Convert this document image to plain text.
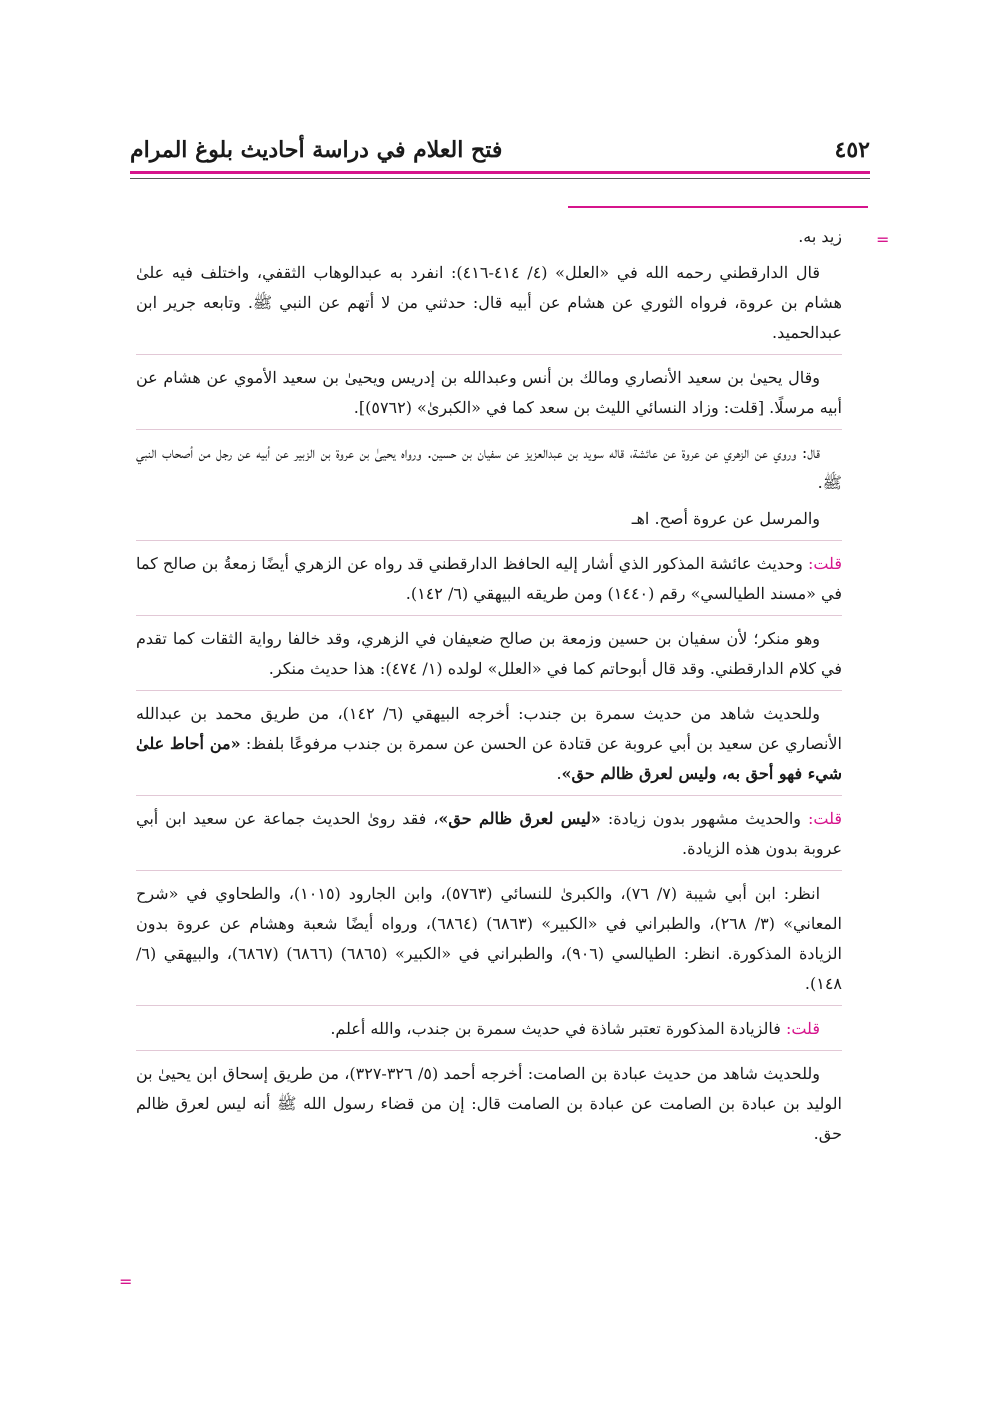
فتح العلام في دراسة أحاديث بلوغ المرام	٤٥٢
=
=

زيد به.

قال الدارقطني رحمه الله في «العلل» (٤/ ٤١٤-٤١٦): انفرد به عبدالوهاب الثقفي، واختلف فيه علىٰ هشام بن عروة، فرواه الثوري عن هشام عن أبيه قال: حدثني من لا أتهم عن النبي ﷺ. وتابعه جرير ابن عبدالحميد.

وقال يحيىٰ بن سعيد الأنصاري ومالك بن أنس وعبدالله بن إدريس ويحيىٰ بن سعيد الأموي عن هشام عن أبيه مرسلًا. [قلت: وزاد النسائي الليث بن سعد كما في «الكبرىٰ» (٥٧٦٢)].

قال: وروي عن الزهري عن عروة عن عائشة، قاله سويد بن عبدالعزيز عن سفيان بن حسين. ورواه يحيىٰ بن عروة بن الزبير عن أبيه عن رجل من أصحاب النبي ﷺ.

والمرسل عن عروة أصح. اهـ

قلت: وحديث عائشة المذكور الذي أشار إليه الحافظ الدارقطني قد رواه عن الزهري أيضًا زمعةُ بن صالح كما في «مسند الطيالسي» رقم (١٤٤٠) ومن طريقه البيهقي (٦/ ١٤٢).

وهو منكر؛ لأن سفيان بن حسين وزمعة بن صالح ضعيفان في الزهري، وقد خالفا رواية الثقات كما تقدم في كلام الدارقطني. وقد قال أبوحاتم كما في «العلل» لولده (١/ ٤٧٤): هذا حديث منكر.

وللحديث شاهد من حديث سمرة بن جندب: أخرجه البيهقي (٦/ ١٤٢)، من طريق محمد بن عبدالله الأنصاري عن سعيد بن أبي عروبة عن قتادة عن الحسن عن سمرة بن جندب مرفوعًا بلفظ: «من أحاط علىٰ شيء فهو أحق به، وليس لعرق ظالم حق».

قلت: والحديث مشهور بدون زيادة: «ليس لعرق ظالم حق»، فقد روىٰ الحديث جماعة عن سعيد ابن أبي عروبة بدون هذه الزيادة.

انظر: ابن أبي شيبة (٧/ ٧٦)، والكبرىٰ للنسائي (٥٧٦٣)، وابن الجارود (١٠١٥)، والطحاوي في «شرح المعاني» (٣/ ٢٦٨)، والطبراني في «الكبير» (٦٨٦٣) (٦٨٦٤)، ورواه أيضًا شعبة وهشام عن عروة بدون الزيادة المذكورة. انظر: الطيالسي (٩٠٦)، والطبراني في «الكبير» (٦٨٦٥) (٦٨٦٦) (٦٨٦٧)، والبيهقي (٦/ ١٤٨).

قلت: فالزيادة المذكورة تعتبر شاذة في حديث سمرة بن جندب، والله أعلم.

وللحديث شاهد من حديث عبادة بن الصامت: أخرجه أحمد (٥/ ٣٢٦-٣٢٧)، من طريق إسحاق ابن يحيىٰ بن الوليد بن عبادة بن الصامت عن عبادة بن الصامت قال: إن من قضاء رسول الله ﷺ أنه ليس لعرق ظالم حق.
